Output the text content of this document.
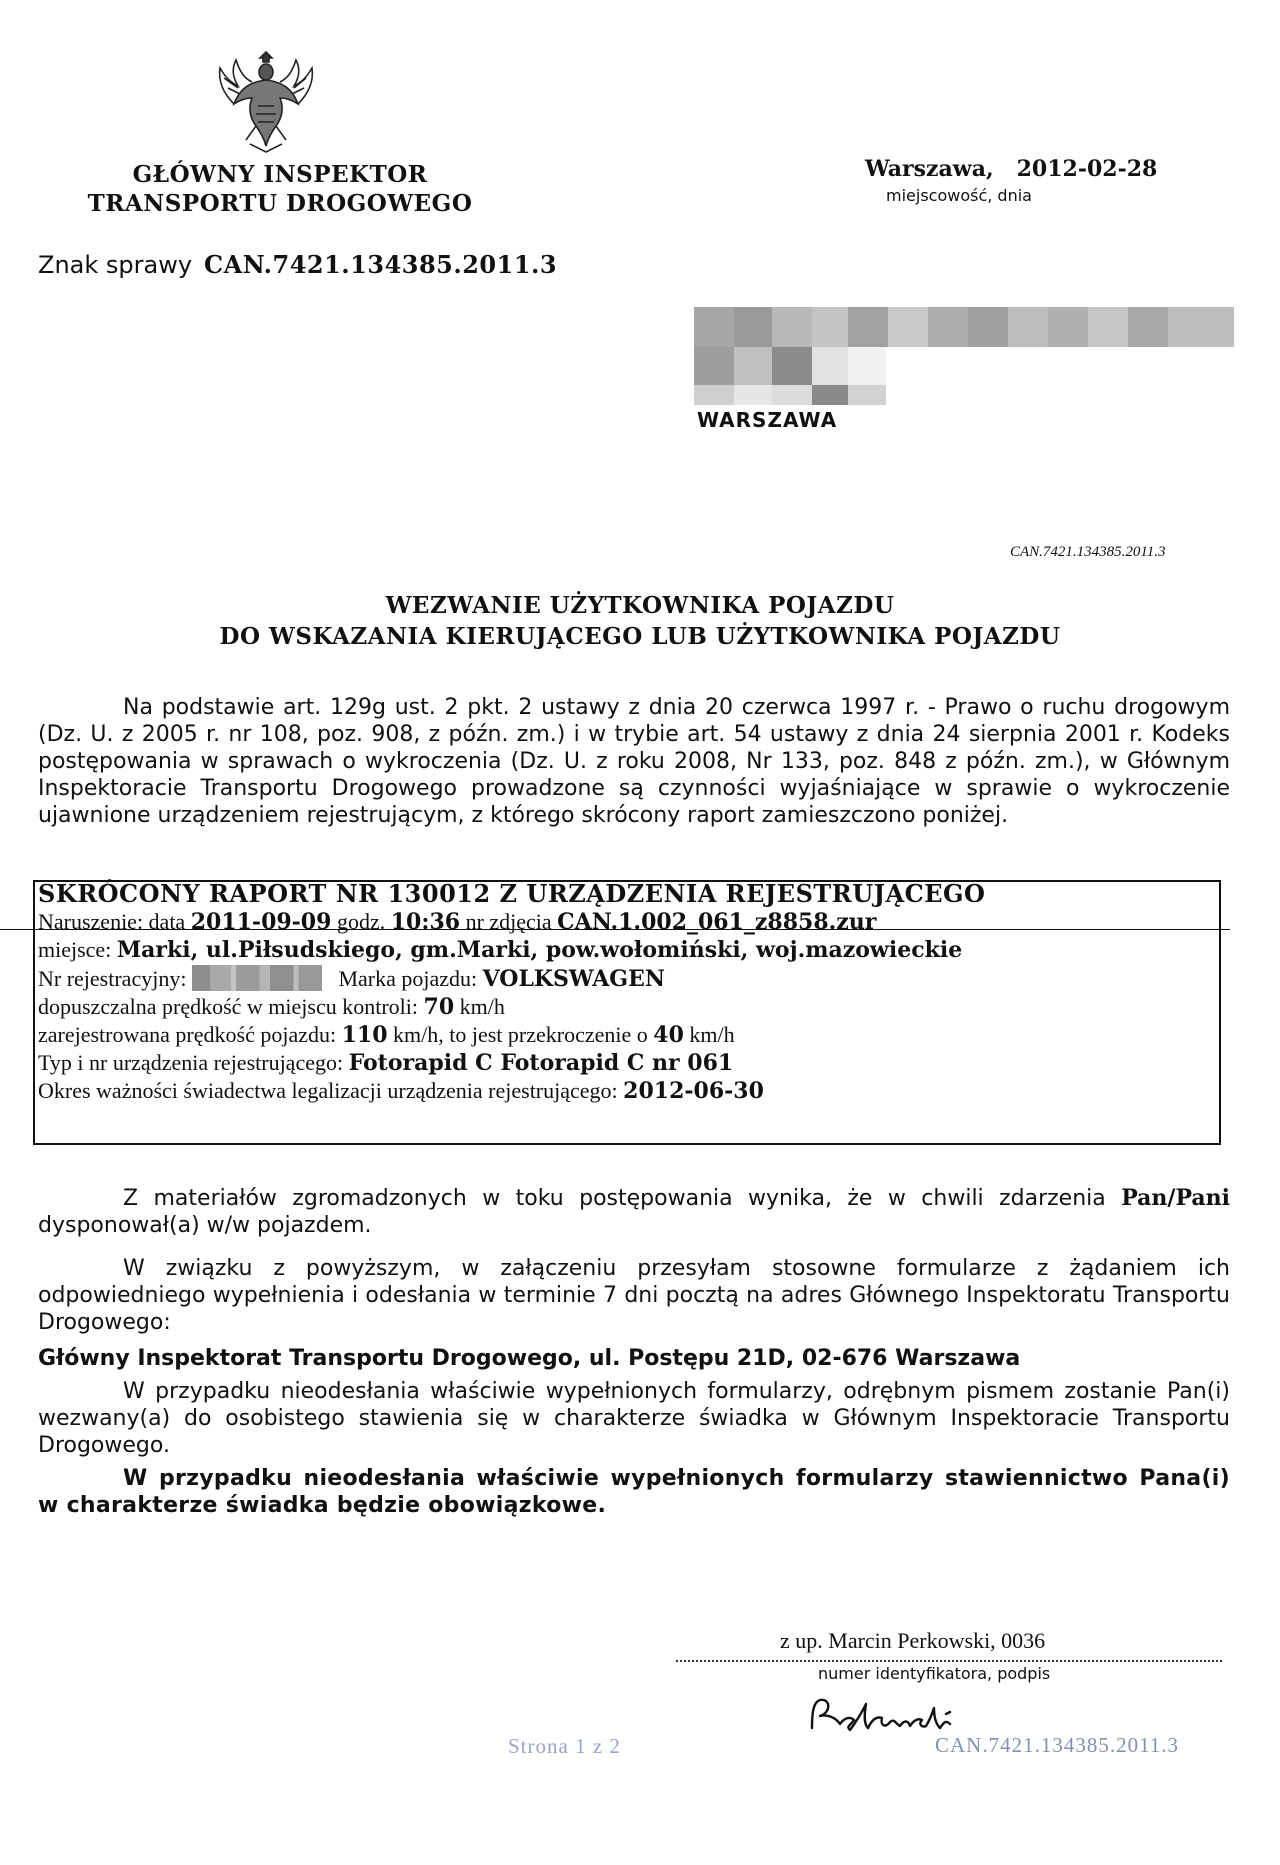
GŁÓWNY INSPEKTOR
TRANSPORTU DROGOWEGO
Warszawa, 2012-02-28
miejscowość, dnia
Znak sprawy CAN.7421.134385.2011.3
WARSZAWA
CAN.7421.134385.2011.3
WEZWANIE UŻYTKOWNIKA POJAZDU
DO WSKAZANIA KIERUJĄCEGO LUB UŻYTKOWNIKA POJAZDU
Na podstawie art. 129g ust. 2 pkt. 2 ustawy z dnia 20 czerwca 1997 r. - Prawo o ruchu drogowym (Dz. U. z 2005 r. nr 108, poz. 908, z późn. zm.) i w trybie art. 54 ustawy z dnia 24 sierpnia 2001 r. Kodeks postępowania w sprawach o wykroczenia (Dz. U. z roku 2008, Nr 133, poz. 848 z późn. zm.), w Głównym Inspektoracie Transportu Drogowego prowadzone są czynności wyjaśniające w sprawie o wykroczenie ujawnione urządzeniem rejestrującym, z którego skrócony raport zamieszczono poniżej.
SKRÓCONY RAPORT NR 130012 Z URZĄDZENIA REJESTRUJĄCEGO
Naruszenie: data 2011-09-09 godz. 10:36 nr zdjęcia CAN.1.002_061_z8858.zur
miejsce: Marki, ul.Piłsudskiego, gm.Marki, pow.wołomiński, woj.mazowieckie
Nr rejestracyjny:	Marka pojazdu: VOLKSWAGEN
dopuszczalna prędkość w miejscu kontroli: 70 km/h
zarejestrowana prędkość pojazdu: 110 km/h, to jest przekroczenie o 40 km/h
Typ i nr urządzenia rejestrującego: Fotorapid C Fotorapid C nr 061
Okres ważności świadectwa legalizacji urządzenia rejestrującego: 2012-06-30
Z materiałów zgromadzonych w toku postępowania wynika, że w chwili zdarzenia Pan/Pani dysponował(a) w/w pojazdem.
W związku z powyższym, w załączeniu przesyłam stosowne formularze z żądaniem ich odpowiedniego wypełnienia i odesłania w terminie 7 dni pocztą na adres Głównego Inspektoratu Transportu Drogowego:
Główny Inspektorat Transportu Drogowego, ul. Postępu 21D, 02-676 Warszawa
W przypadku nieodesłania właściwie wypełnionych formularzy, odrębnym pismem zostanie Pan(i) wezwany(a) do osobistego stawienia się w charakterze świadka w Głównym Inspektoracie Transportu Drogowego.
W przypadku nieodesłania właściwie wypełnionych formularzy stawiennictwo Pana(i) w charakterze świadka będzie obowiązkowe.
z up. Marcin Perkowski, 0036
numer identyfikatora, podpis
Strona 1 z 2	CAN.7421.134385.2011.3
